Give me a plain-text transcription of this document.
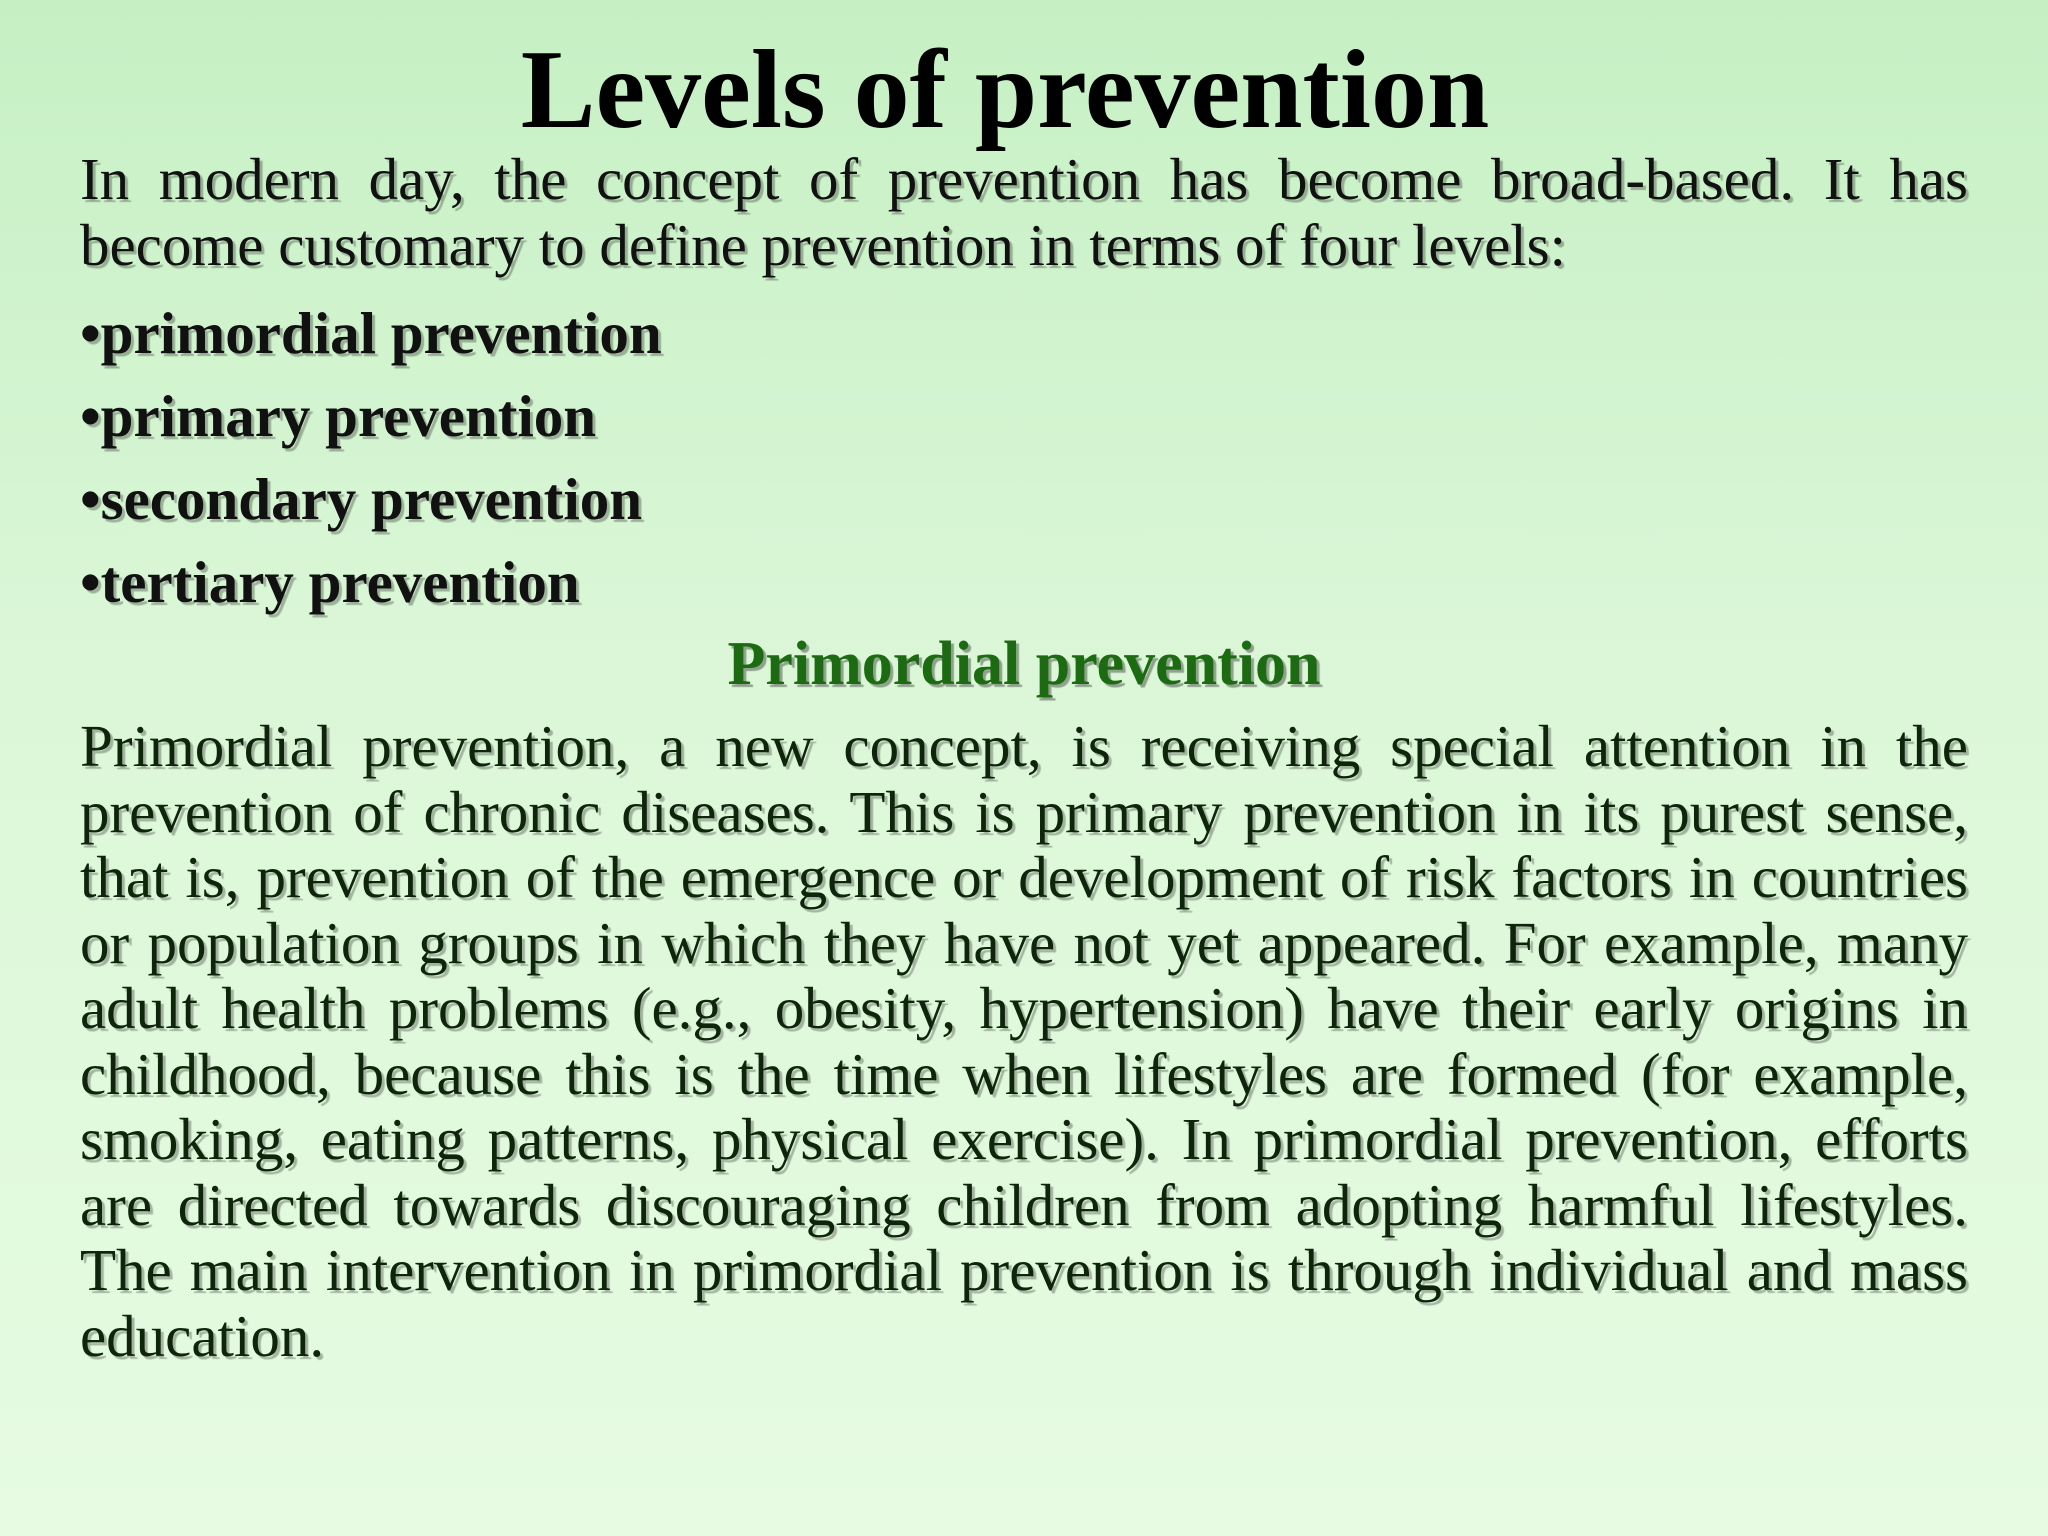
Levels of prevention

In modern day, the concept of prevention has become broad-based. It has become customary to define prevention in terms of four levels:

•primordial prevention
•primary prevention
•secondary prevention
•tertiary prevention
Primordial prevention

Primordial prevention, a new concept, is receiving special attention in the prevention of chronic diseases. This is primary prevention in its purest sense, that is, prevention of the emergence or development of risk factors in countries or population groups in which they have not yet appeared. For example, many adult health problems (e.g., obesity, hypertension) have their early origins in childhood, because this is the time when lifestyles are formed (for example, smoking, eating patterns, physical exercise). In primordial prevention, efforts are directed towards discouraging children from adopting harmful lifestyles. The main intervention in primordial prevention is through individual and mass education.
